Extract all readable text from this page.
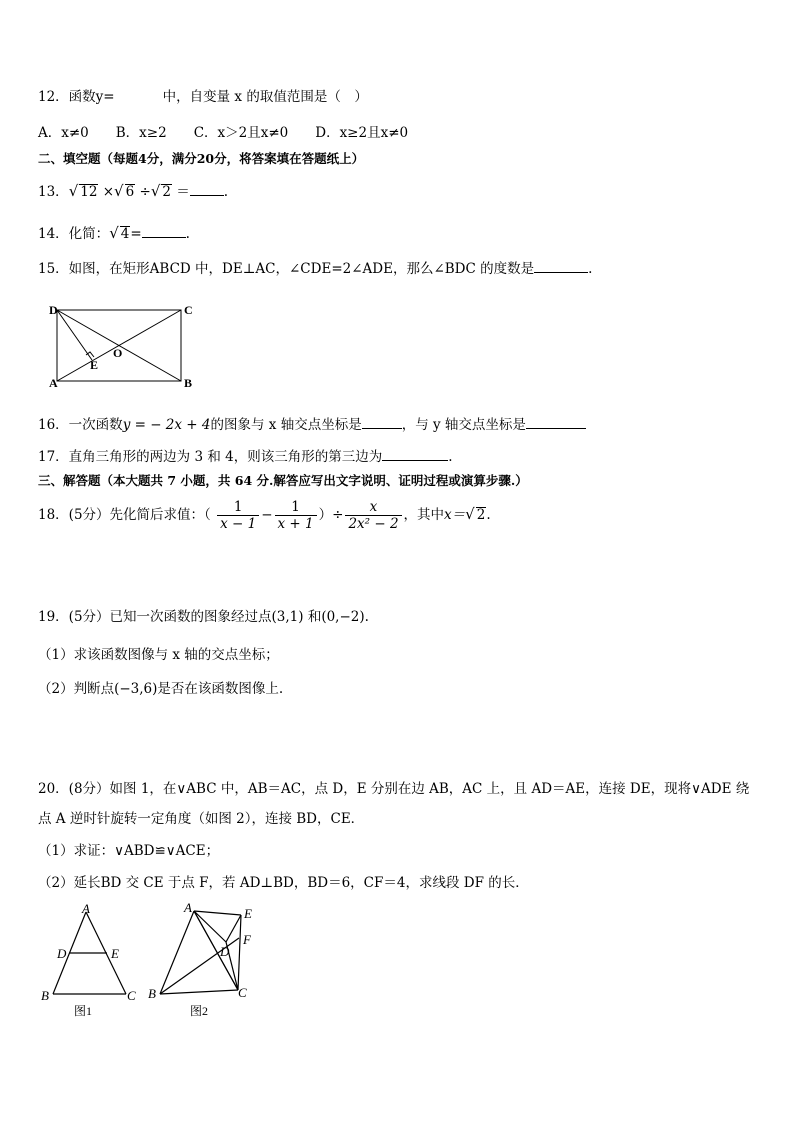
12．函数y=	中，自变量 x 的取值范围是（　）
A．x≠0　　B．x≥2　　C．x＞2且x≠0　　D．x≥2且x≠0
二、填空题（每题4分，满分20分，将答案填在答题纸上）
13．√ 12 ×√ 6 ÷√ 2 ＝	.
14．化简：√ 4=	.
15．如图，在矩形ABCD 中，DE⊥AC，∠CDE=2∠ADE，那么∠BDC 的度数是	.
D	C
A	B
O
E
16．一次函数y = − 2x + 4的图象与 x 轴交点坐标是	，与 y 轴交点坐标是
17．直角三角形的两边为 3 和 4，则该三角形的第三边为	.
三、解答题（本大题共 7 小题，共 64 分.解答应写出文字说明、证明过程或演算步骤.）
18．(5分）先化简后求值：（ $\frac{1}{x - 1} - \frac{1}{x + 1}$ ）÷ $\frac{x}{\text{2x² − 2}}$ ，其中x＝√ 2.
19．(5分）已知一次函数的图象经过点(3,1) 和(0,−2).
（1）求该函数图像与 x 轴的交点坐标；
（2）判断点(−3,6)是否在该函数图像上.
20．(8分）如图 1，在∨ABC 中，AB＝AC，点 D，E 分别在边 AB，AC 上，且 AD＝AE，连接 DE，现将∨ADE 绕
点 A 逆时针旋转一定角度（如图 2），连接 BD，CE．
（1）求证：∨ABD≌∨ACE；
（2）延长BD 交 CE 于点 F，若 AD⊥BD，BD＝6，CF＝4，求线段 DF 的长．
A
D	E
B	C
图1
A	E
F
D
B	C
图2
